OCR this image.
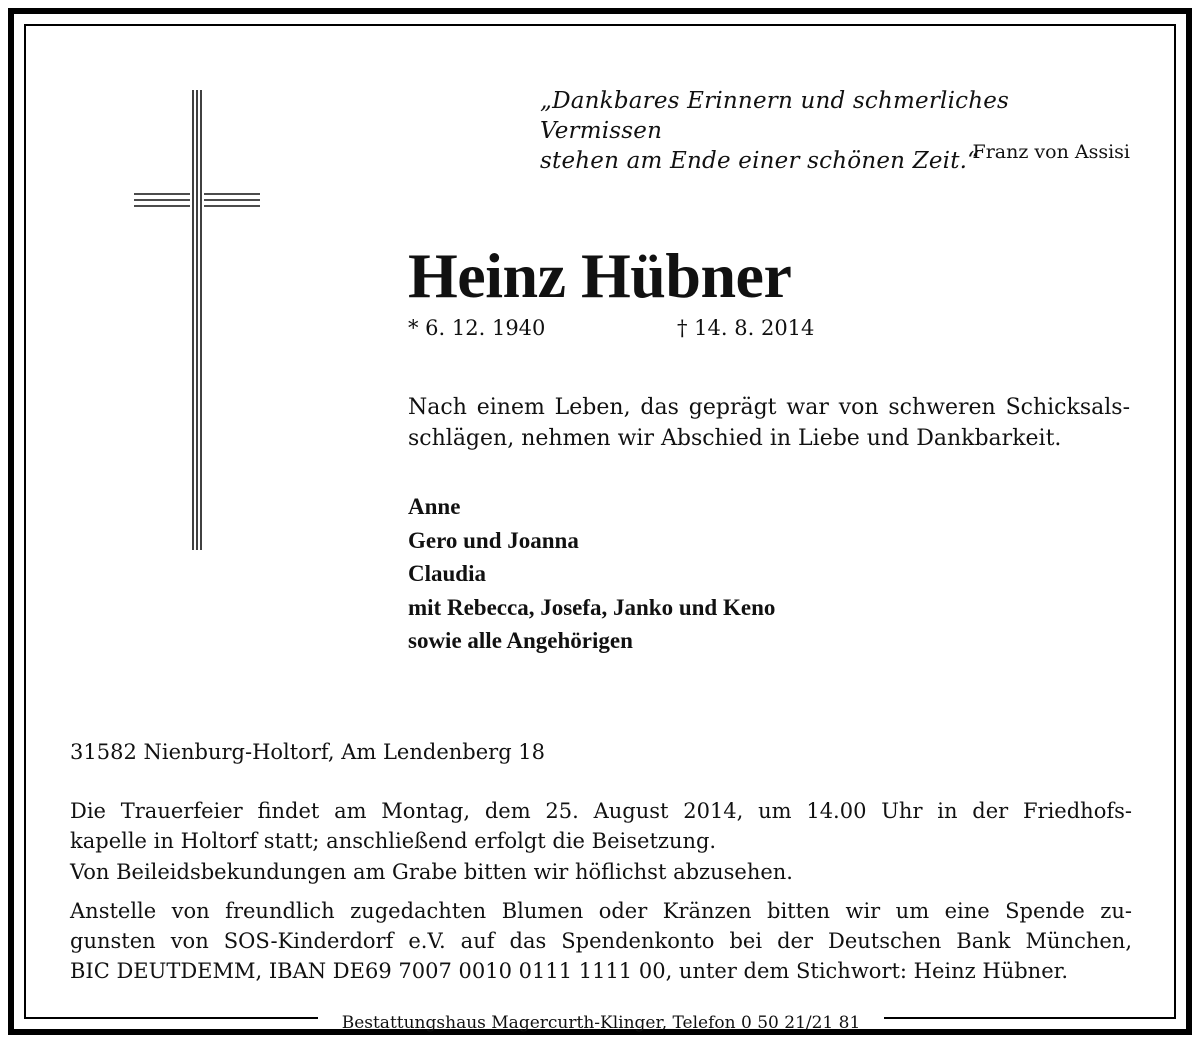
„Dankbares Erinnern und schmerliches Vermissen
stehen am Ende einer schönen Zeit.“
Franz von Assisi
Heinz Hübner
* 6. 12. 1940	† 14. 8. 2014
Nach einem Leben, das geprägt war von schweren Schicksals-
schlägen, nehmen wir Abschied in Liebe und Dankbarkeit.
Anne
Gero und Joanna
Claudia
mit Rebecca, Josefa, Janko und Keno
sowie alle Angehörigen
31582 Nienburg-Holtorf, Am Lendenberg 18
Die Trauerfeier findet am Montag, dem 25. August 2014, um 14.00 Uhr in der Friedhofs-
kapelle in Holtorf statt; anschließend erfolgt die Beisetzung.
Von Beileidsbekundungen am Grabe bitten wir höflichst abzusehen.
Anstelle von freundlich zugedachten Blumen oder Kränzen bitten wir um eine Spende zu-
gunsten von SOS-Kinderdorf e.V. auf das Spendenkonto bei der Deutschen Bank München,
BIC DEUTDEMM, IBAN DE69 7007 0010 0111 1111 00, unter dem Stichwort: Heinz Hübner.
Bestattungshaus Magercurth-Klinger, Telefon 0 50 21/21 81
